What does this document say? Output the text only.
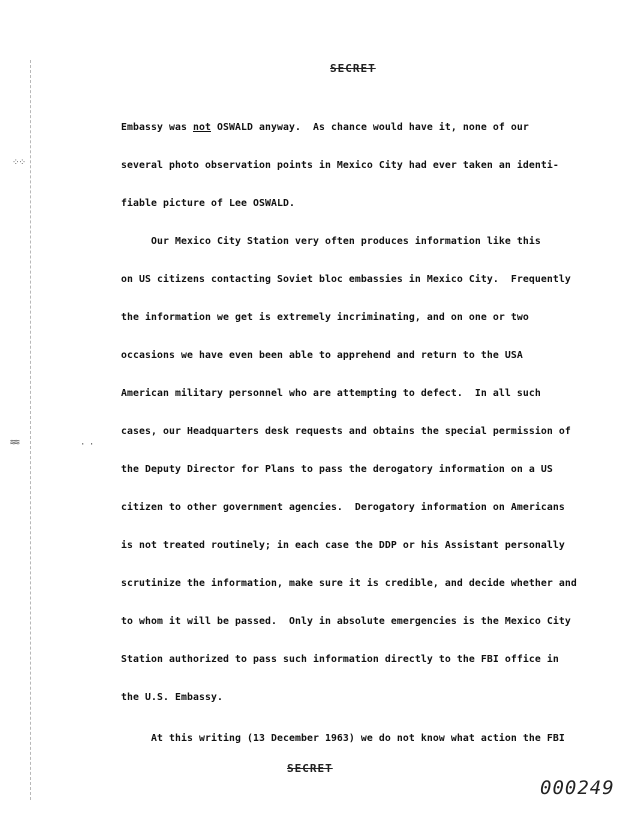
⁘⁘
≋≋	· ·
SECRET
Embassy was not OSWALD anyway.  As chance would have it, none of our
several photo observation points in Mexico City had ever taken an identi-
fiable picture of Lee OSWALD.
Our Mexico City Station very often produces information like this
on US citizens contacting Soviet bloc embassies in Mexico City.  Frequently
the information we get is extremely incriminating, and on one or two
occasions we have even been able to apprehend and return to the USA
American military personnel who are attempting to defect.  In all such
cases, our Headquarters desk requests and obtains the special permission of
the Deputy Director for Plans to pass the derogatory information on a US
citizen to other government agencies.  Derogatory information on Americans
is not treated routinely; in each case the DDP or his Assistant personally
scrutinize the information, make sure it is credible, and decide whether and
to whom it will be passed.  Only in absolute emergencies is the Mexico City
Station authorized to pass such information directly to the FBI office in
the U.S. Embassy.
At this writing (13 December 1963) we do not know what action the FBI
SECRET
000249
